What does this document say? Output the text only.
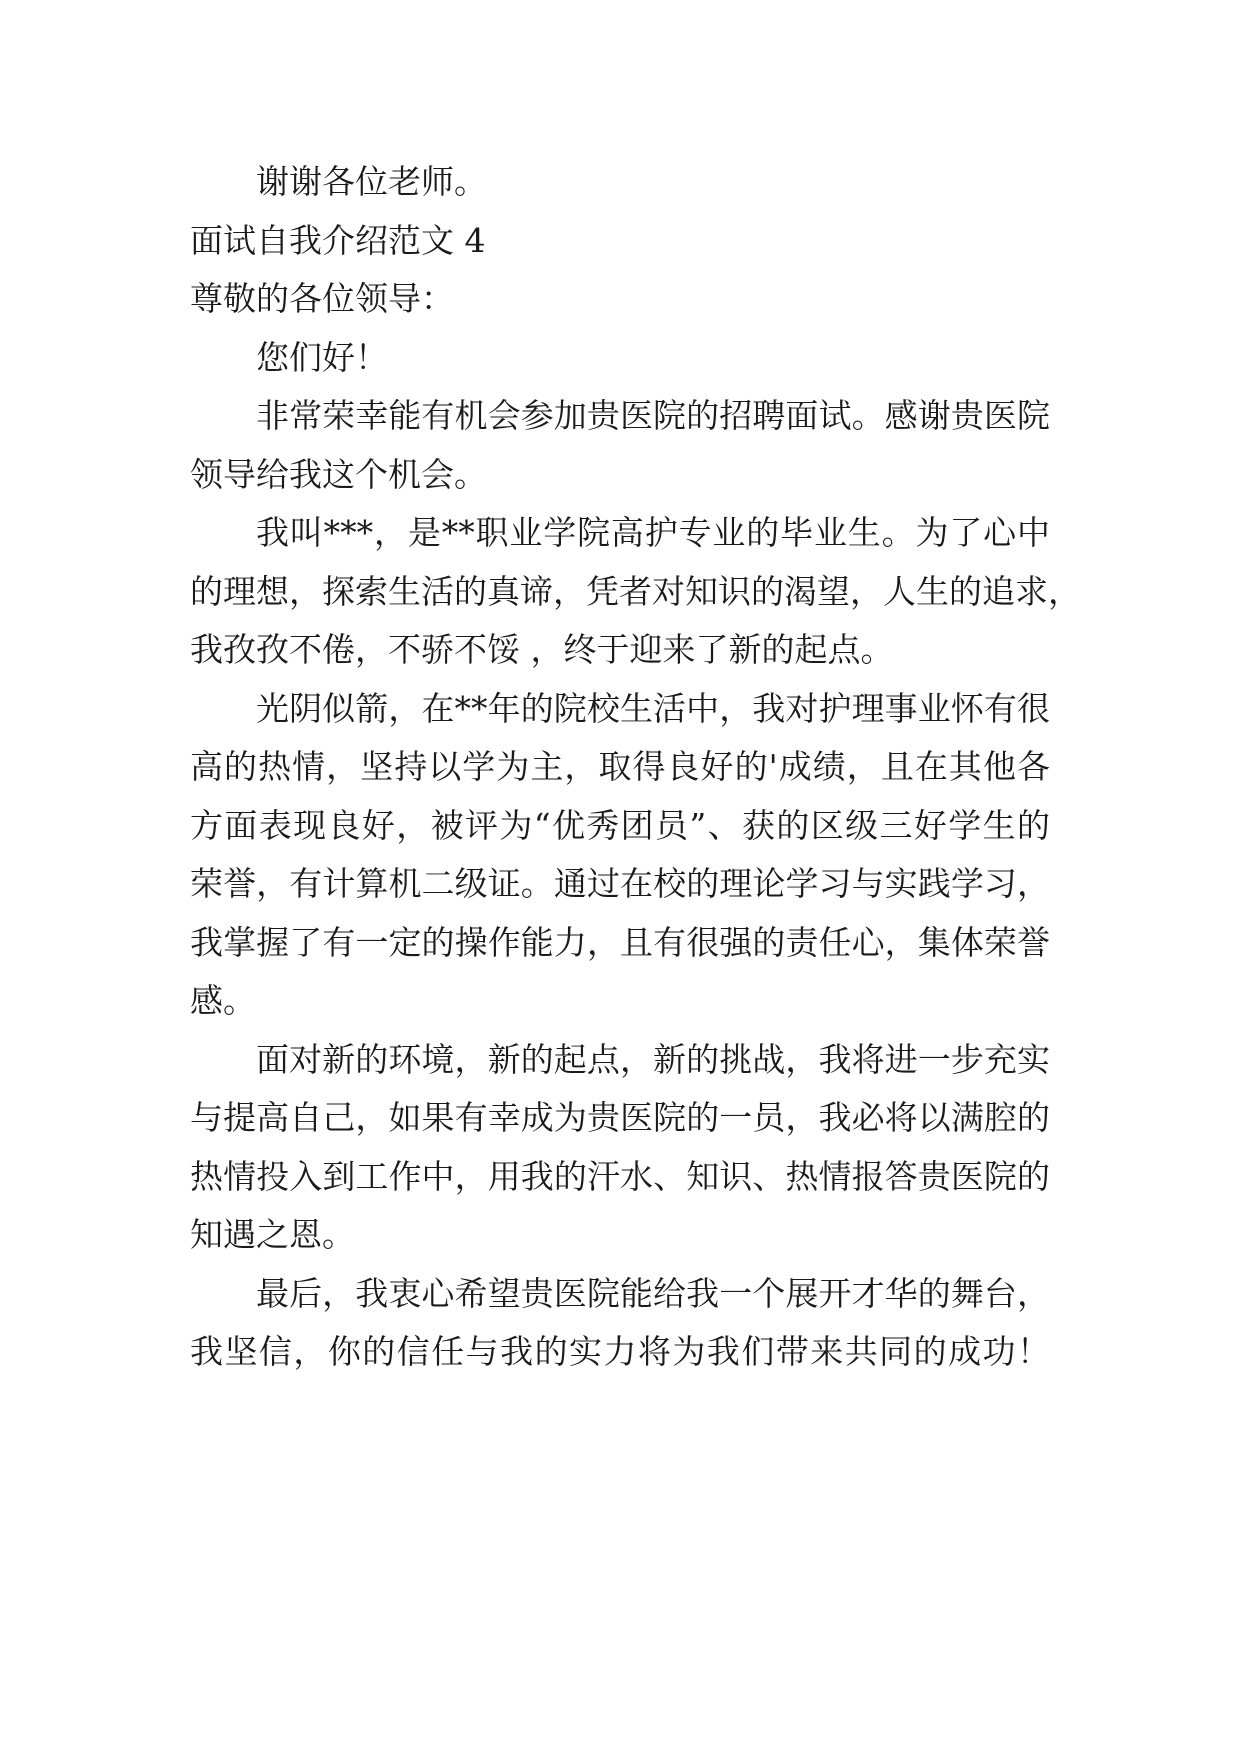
谢谢各位老师。
面试自我介绍范文 4
尊敬的各位领导：
您们好！
非常荣幸能有机会参加贵医院的招聘面试。感谢贵医院
领导给我这个机会。
我叫***，是**职业学院高护专业的毕业生。为了心中
的理想，探索生活的真谛，凭者对知识的渴望，人生的追求，
我孜孜不倦，不骄不馁 ，终于迎来了新的起点。
光阴似箭，在**年的院校生活中，我对护理事业怀有很
高的热情，坚持以学为主，取得良好的'成绩，且在其他各
方面表现良好，被评为“优秀团员”、获的区级三好学生的
荣誉，有计算机二级证。通过在校的理论学习与实践学习，
我掌握了有一定的操作能力，且有很强的责任心，集体荣誉
感。
面对新的环境，新的起点，新的挑战，我将进一步充实
与提高自己，如果有幸成为贵医院的一员，我必将以满腔的
热情投入到工作中，用我的汗水、知识、热情报答贵医院的
知遇之恩。
最后，我衷心希望贵医院能给我一个展开才华的舞台，
我坚信，你的信任与我的实力将为我们带来共同的成功！
